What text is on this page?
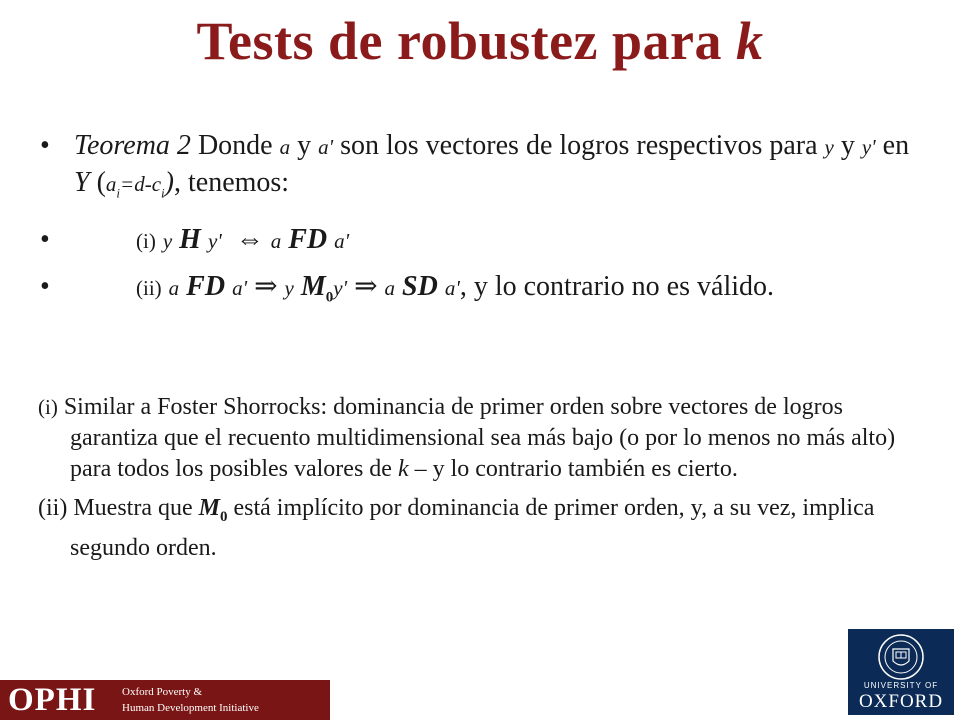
Tests de robustez para k
• Teorema 2 Donde a y a' son los vectores de logros respectivos para y y y' en Y $(a_i=d-c_i)$, tenemos:
•	(i) y H y' ⇔ a FD a'
•	(ii) a FD a' ⇒ y $M_0y'$ ⇒ a SD a', y lo contrario no es válido.

(i) Similar a Foster Shorrocks: dominancia de primer orden sobre vectores de logros garantiza que el recuento multidimensional sea más bajo (o por lo menos no más alto) para todos los posibles valores de k – y lo contrario también es cierto.

(ii) Muestra que $M_0$ está implícito por dominancia de primer orden, y, a su vez, implica segundo orden.

OPHI Oxford Poverty &
Human Development Initiative
UNIVERSITY OF
OXFORD
